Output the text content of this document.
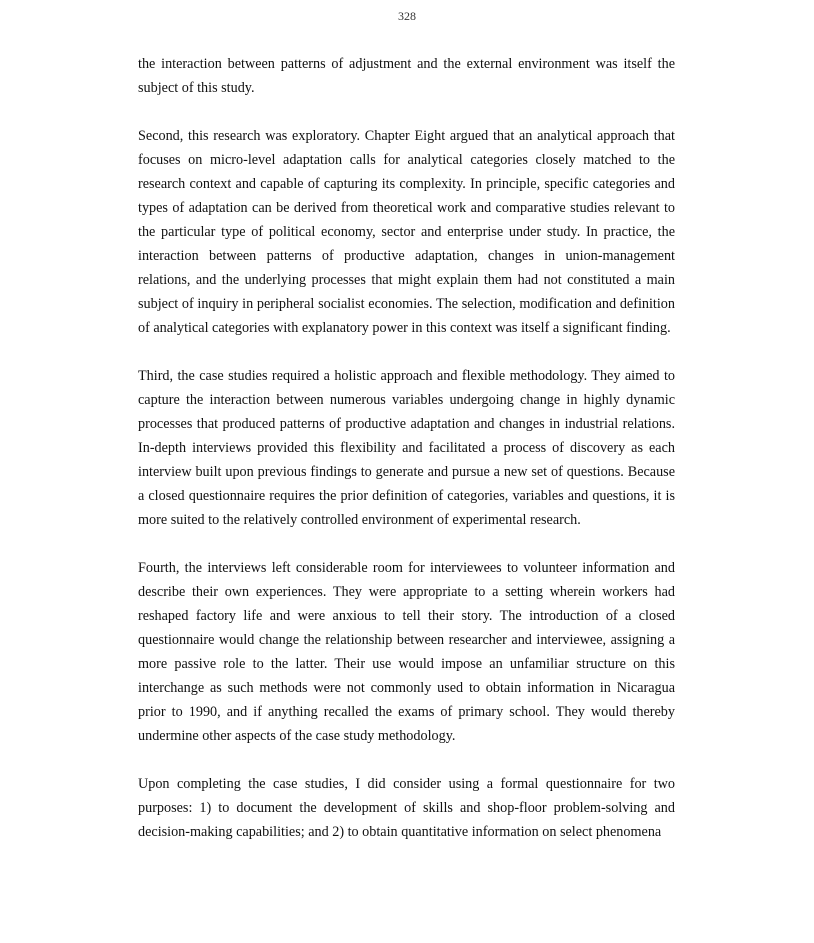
328

the interaction between patterns of adjustment and the external environment was itself the subject of this study.

Second, this research was exploratory. Chapter Eight argued that an analytical approach that focuses on micro-level adaptation calls for analytical categories closely matched to the research context and capable of capturing its complexity. In principle, specific categories and types of adaptation can be derived from theoretical work and comparative studies relevant to the particular type of political economy, sector and enterprise under study. In practice, the interaction between patterns of productive adaptation, changes in union-management relations, and the underlying processes that might explain them had not constituted a main subject of inquiry in peripheral socialist economies. The selection, modification and definition of analytical categories with explanatory power in this context was itself a significant finding.

Third, the case studies required a holistic approach and flexible methodology. They aimed to capture the interaction between numerous variables undergoing change in highly dynamic processes that produced patterns of productive adaptation and changes in industrial relations. In-depth interviews provided this flexibility and facilitated a process of discovery as each interview built upon previous findings to generate and pursue a new set of questions. Because a closed questionnaire requires the prior definition of categories, variables and questions, it is more suited to the relatively controlled environment of experimental research.

Fourth, the interviews left considerable room for interviewees to volunteer information and describe their own experiences. They were appropriate to a setting wherein workers had reshaped factory life and were anxious to tell their story. The introduction of a closed questionnaire would change the relationship between researcher and interviewee, assigning a more passive role to the latter. Their use would impose an unfamiliar structure on this interchange as such methods were not commonly used to obtain information in Nicaragua prior to 1990, and if anything recalled the exams of primary school. They would thereby undermine other aspects of the case study methodology.

Upon completing the case studies, I did consider using a formal questionnaire for two purposes: 1) to document the development of skills and shop-floor problem-solving and decision-making capabilities; and 2) to obtain quantitative information on select phenomena
